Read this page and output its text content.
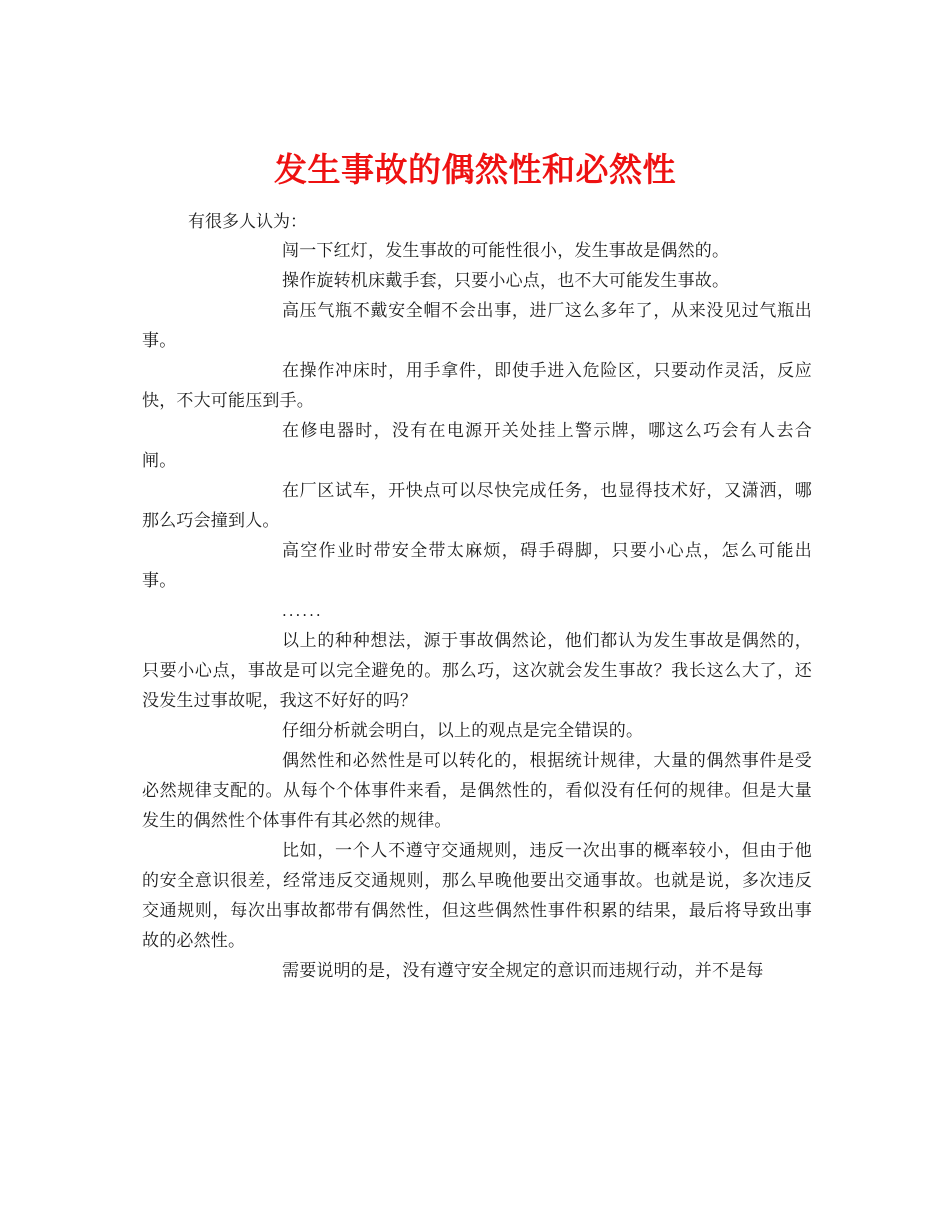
发生事故的偶然性和必然性
有很多人认为：

闯一下红灯，发生事故的可能性很小，发生事故是偶然的。

操作旋转机床戴手套，只要小心点，也不大可能发生事故。

高压气瓶不戴安全帽不会出事，进厂这么多年了，从来没见过气瓶出事。

在操作冲床时，用手拿件，即使手进入危险区，只要动作灵活，反应快，不大可能压到手。

在修电器时，没有在电源开关处挂上警示牌，哪这么巧会有人去合闸。

在厂区试车，开快点可以尽快完成任务，也显得技术好，又潇洒，哪那么巧会撞到人。

高空作业时带安全带太麻烦，碍手碍脚，只要小心点，怎么可能出事。

......

以上的种种想法，源于事故偶然论，他们都认为发生事故是偶然的，只要小心点，事故是可以完全避免的。那么巧，这次就会发生事故？我长这么大了，还没发生过事故呢，我这不好好的吗？

仔细分析就会明白，以上的观点是完全错误的。

偶然性和必然性是可以转化的，根据统计规律，大量的偶然事件是受必然规律支配的。从每个个体事件来看，是偶然性的，看似没有任何的规律。但是大量发生的偶然性个体事件有其必然的规律。

比如，一个人不遵守交通规则，违反一次出事的概率较小，但由于他的安全意识很差，经常违反交通规则，那么早晚他要出交通事故。也就是说，多次违反交通规则，每次出事故都带有偶然性，但这些偶然性事件积累的结果，最后将导致出事故的必然性。

需要说明的是，没有遵守安全规定的意识而违规行动，并不是每
